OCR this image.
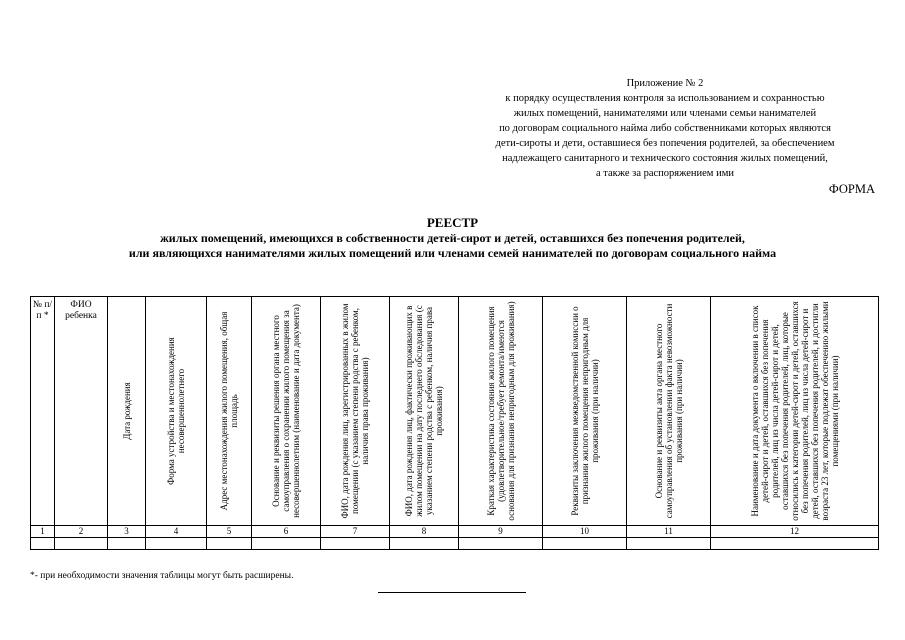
Приложение № 2
к порядку осуществления контроля за использованием и сохранностью
жилых помещений, нанимателями или членами семьи нанимателей
по договорам социального найма либо собственниками которых являются
дети-сироты и дети, оставшиеся без попечения родителей, за обеспечением
надлежащего санитарного и технического состояния жилых помещений,
а также за распоряжением ими
ФОРМА
РЕЕСТР
жилых помещений, имеющихся в собственности детей-сирот и детей, оставшихся без попечения родителей,
или являющихся нанимателями жилых помещений или членами семей нанимателей по договорам социального найма
№ п/п *	ФИО ребенка	Дата рождения	Форма устройства и местонахождения несовершеннолетнего	Адрес местонахождения жилого помещения, общая площадь	Основание и реквизиты решения органа местного самоуправления о сохранении жилого помещения за несовершеннолетним (наименование и дата документа)	ФИО, дата рождения лиц, зарегистрированных в жилом помещении (с указанием степени родства с ребенком, наличия права проживания)	ФИО, дата рождения лиц, фактически проживающих в жилом помещении на дату последнего обследования (с указанием степени родства с ребенком, наличия права проживания)	Краткая характеристика состояния жилого помещения (удовлетворительное/требует ремонта/имеются основания для признания непригодным для проживания)	Реквизиты заключения межведомственной комиссии о признании жилого помещения непригодным для проживания (при наличии)	Основание и реквизиты акта органа местного самоуправления об установлении факта невозможности проживания (при наличии)	Наименование и дата документа о включении в список детей-сирот и детей, оставшихся без попечения родителей, лиц из числа детей-сирот и детей, оставшихся без попечения родителей, лиц, которые относились к категории детей-сирот и детей, оставшихся без попечения родителей, лиц из числа детей-сирот и детей, оставшихся без попечения родителей, и достигли возраста 23 лет, которые подлежат обеспечению жилыми помещениями (при наличии)

1	2	3	4	5	6	7	8	9	10	11	12

*- при необходимости значения таблицы могут быть расширены.
